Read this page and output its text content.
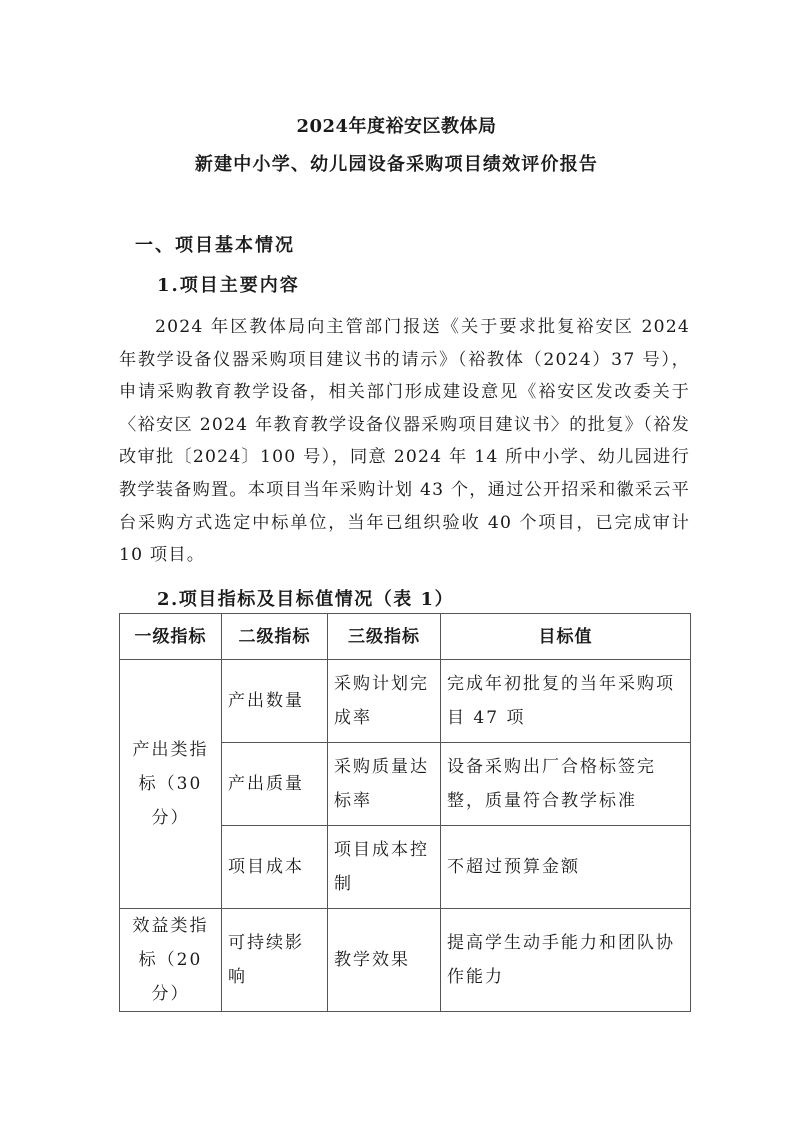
2024年度裕安区教体局
新建中小学、幼儿园设备采购项目绩效评价报告
一、项目基本情况
1.项目主要内容
2024 年区教体局向主管部门报送《关于要求批复裕安区 2024 年教学设备仪器采购项目建议书的请示》（裕教体（2024）37 号），申请采购教育教学设备，相关部门形成建设意见《裕安区发改委关于〈裕安区 2024 年教育教学设备仪器采购项目建议书〉的批复》（裕发改审批〔2024〕100 号），同意 2024 年 14 所中小学、幼儿园进行教学装备购置。本项目当年采购计划 43 个，通过公开招采和徽采云平台采购方式选定中标单位，当年已组织验收 40 个项目，已完成审计 10 项目。
2.项目指标及目标值情况（表 1）
一级指标	二级指标	三级指标	目标值
产出类指标（30 分）	产出数量	采购计划完成率	完成年初批复的当年采购项目 47 项
	产出质量	采购质量达标率	设备采购出厂合格标签完整，质量符合教学标准
	项目成本	项目成本控制	不超过预算金额
效益类指标（20 分）	可持续影响	教学效果	提高学生动手能力和团队协作能力
